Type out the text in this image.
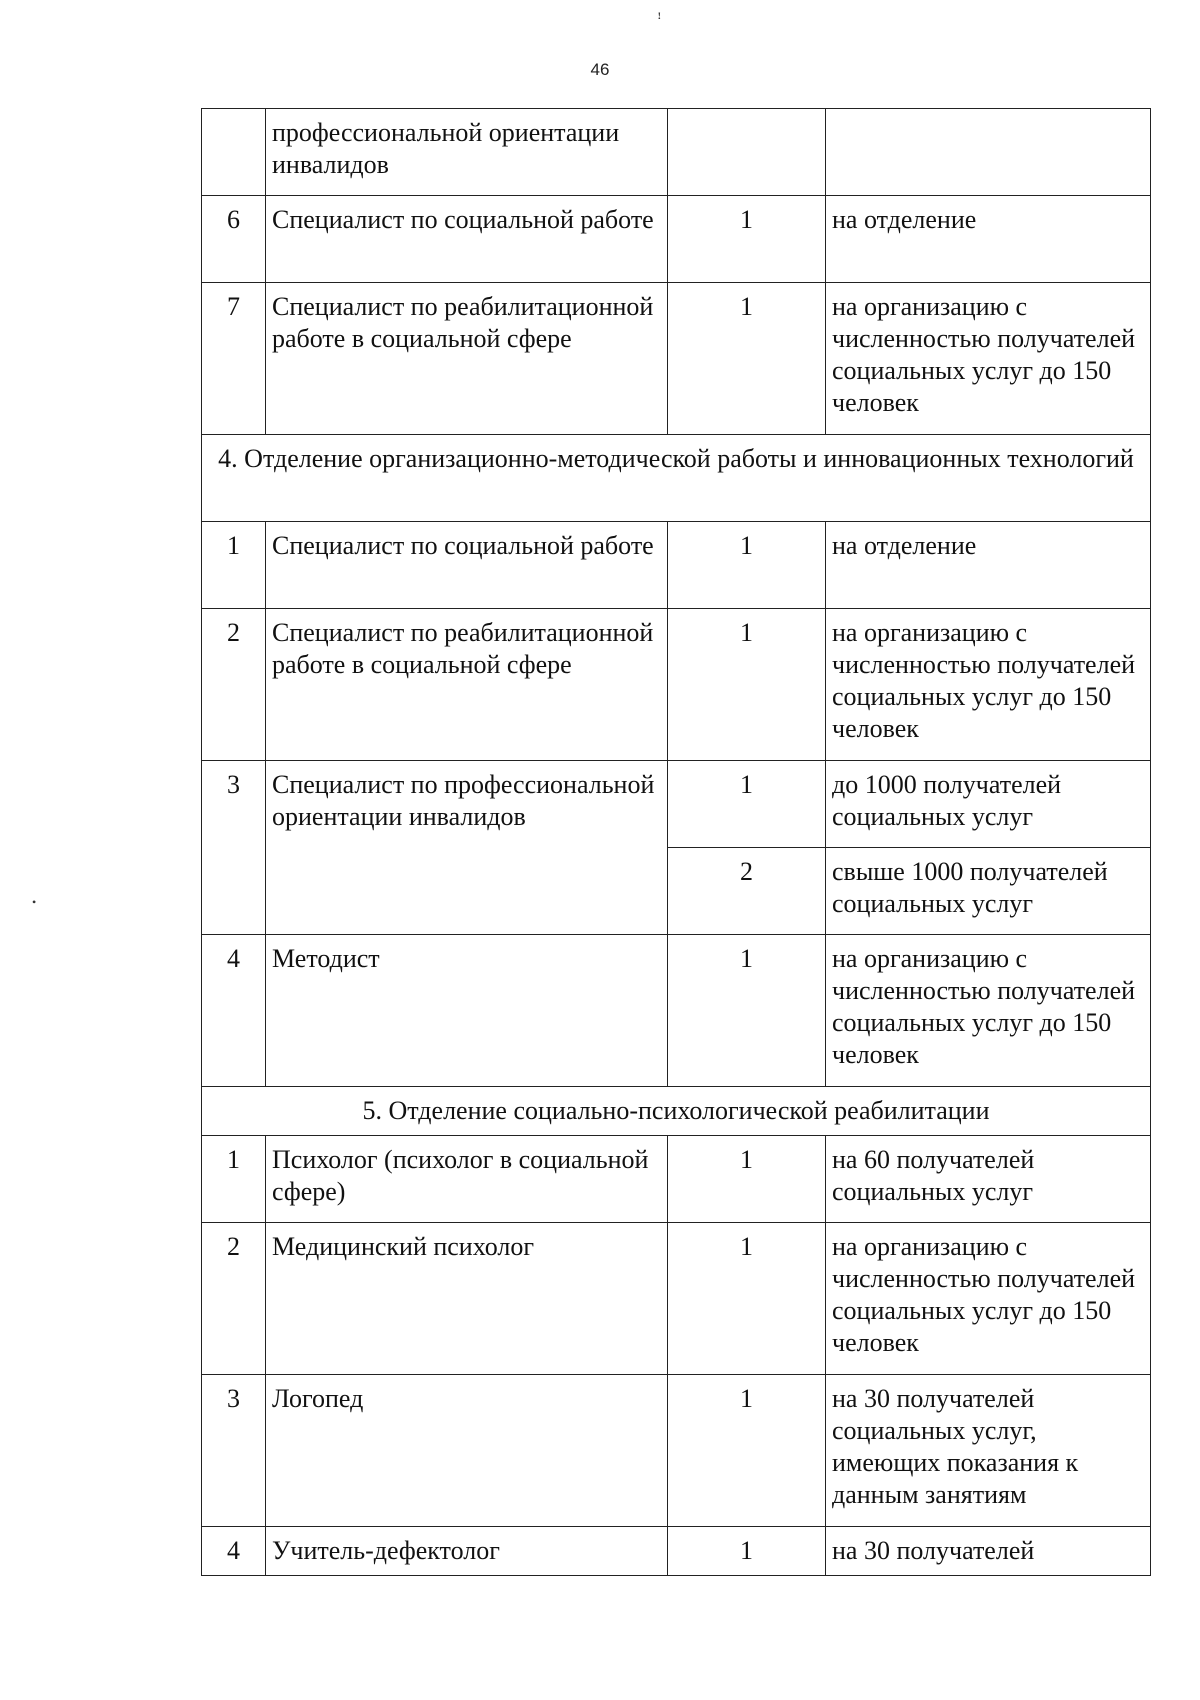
ꜝ
•
46
	профессиональной ориентации инвалидов		
6	Специалист по социальной работе	1	на отделение
7	Специалист по реабилитационной работе в социальной сфере	1	на организацию с численностью получателей социальных услуг до 150 человек
4. Отделение организационно-методической работы и инновационных технологий			
1	Специалист по социальной работе	1	на отделение
2	Специалист по реабилитационной работе в социальной сфере	1	на организацию с численностью получателей социальных услуг до 150 человек
3	Специалист по профессиональной ориентации инвалидов	1	до 1000 получателей социальных услуг
		2	свыше 1000 получателей социальных услуг
4	Методист	1	на организацию с численностью получателей социальных услуг до 150 человек
5. Отделение социально-психологической реабилитации			
1	Психолог (психолог в социальной сфере)	1	на 60 получателей социальных услуг
2	Медицинский психолог	1	на организацию с численностью получателей социальных услуг до 150 человек
3	Логопед	1	на 30 получателей социальных услуг, имеющих показания к данным занятиям
4	Учитель-дефектолог	1	на 30 получателей
